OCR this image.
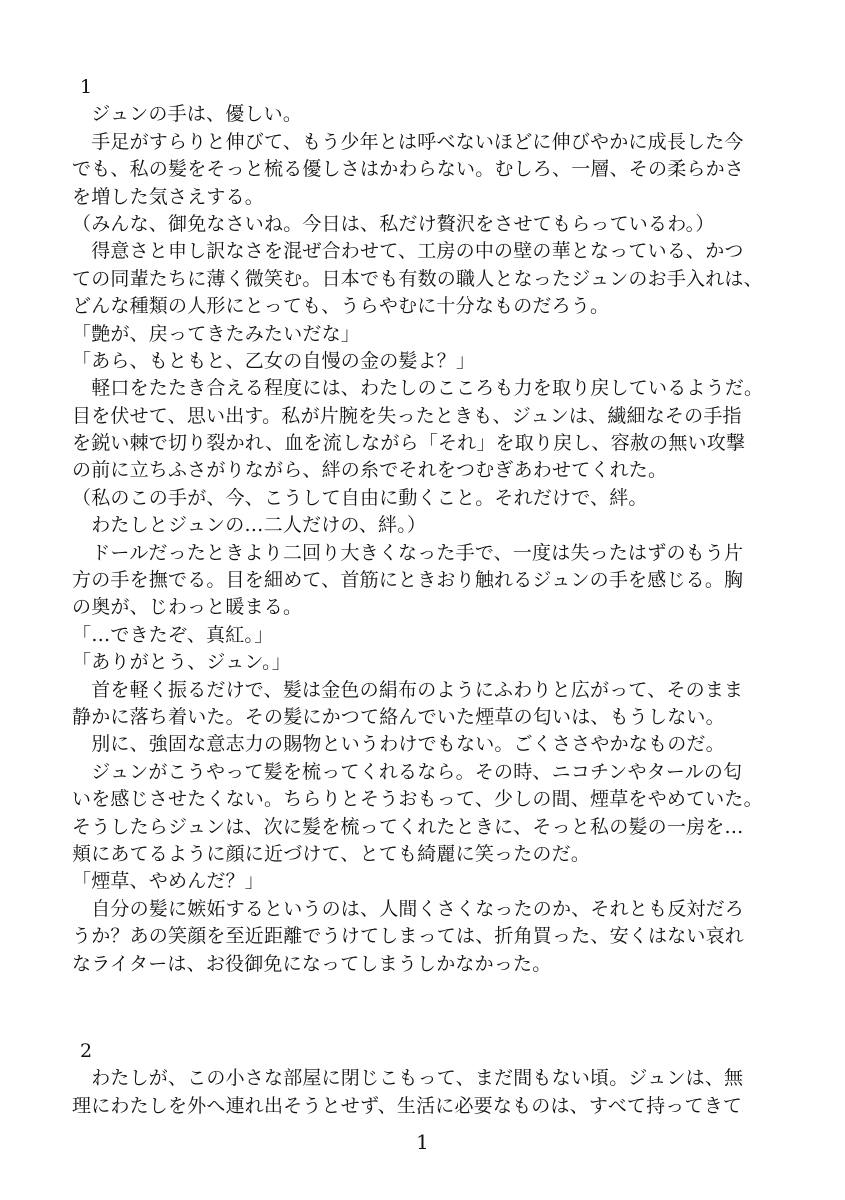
1
　ジュンの手は、優しい。
　手足がすらりと伸びて、もう少年とは呼べないほどに伸びやかに成長した今
でも、私の髪をそっと梳る優しさはかわらない。むしろ、一層、その柔らかさ
を増した気さえする。
（みんな、御免なさいね。今日は、私だけ贅沢をさせてもらっているわ。）
　得意さと申し訳なさを混ぜ合わせて、工房の中の壁の華となっている、かつ
ての同輩たちに薄く微笑む。日本でも有数の職人となったジュンのお手入れは、
どんな種類の人形にとっても、うらやむに十分なものだろう。
「艶が、戻ってきたみたいだな」
「あら、もともと、乙女の自慢の金の髪よ？」
　軽口をたたき合える程度には、わたしのこころも力を取り戻しているようだ。
目を伏せて、思い出す。私が片腕を失ったときも、ジュンは、繊細なその手指
を鋭い棘で切り裂かれ、血を流しながら「それ」を取り戻し、容赦の無い攻撃
の前に立ちふさがりながら、絆の糸でそれをつむぎあわせてくれた。
（私のこの手が、今、こうして自由に動くこと。それだけで、絆。
　わたしとジュンの…二人だけの、絆。）
　ドールだったときより二回り大きくなった手で、一度は失ったはずのもう片
方の手を撫でる。目を細めて、首筋にときおり触れるジュンの手を感じる。胸
の奥が、じわっと暖まる。
「…できたぞ、真紅。」
「ありがとう、ジュン。」
　首を軽く振るだけで、髪は金色の絹布のようにふわりと広がって、そのまま
静かに落ち着いた。その髪にかつて絡んでいた煙草の匂いは、もうしない。
　別に、強固な意志力の賜物というわけでもない。ごくささやかなものだ。
　ジュンがこうやって髪を梳ってくれるなら。その時、ニコチンやタールの匂
いを感じさせたくない。ちらりとそうおもって、少しの間、煙草をやめていた。
そうしたらジュンは、次に髪を梳ってくれたときに、そっと私の髪の一房を…
頬にあてるように顔に近づけて、とても綺麗に笑ったのだ。
「煙草、やめんだ？」
　自分の髪に嫉妬するというのは、人間くさくなったのか、それとも反対だろ
うか？あの笑顔を至近距離でうけてしまっては、折角買った、安くはない哀れ
なライターは、お役御免になってしまうしかなかった。
2
　わたしが、この小さな部屋に閉じこもって、まだ間もない頃。ジュンは、無
理にわたしを外へ連れ出そうとせず、生活に必要なものは、すべて持ってきて
1
